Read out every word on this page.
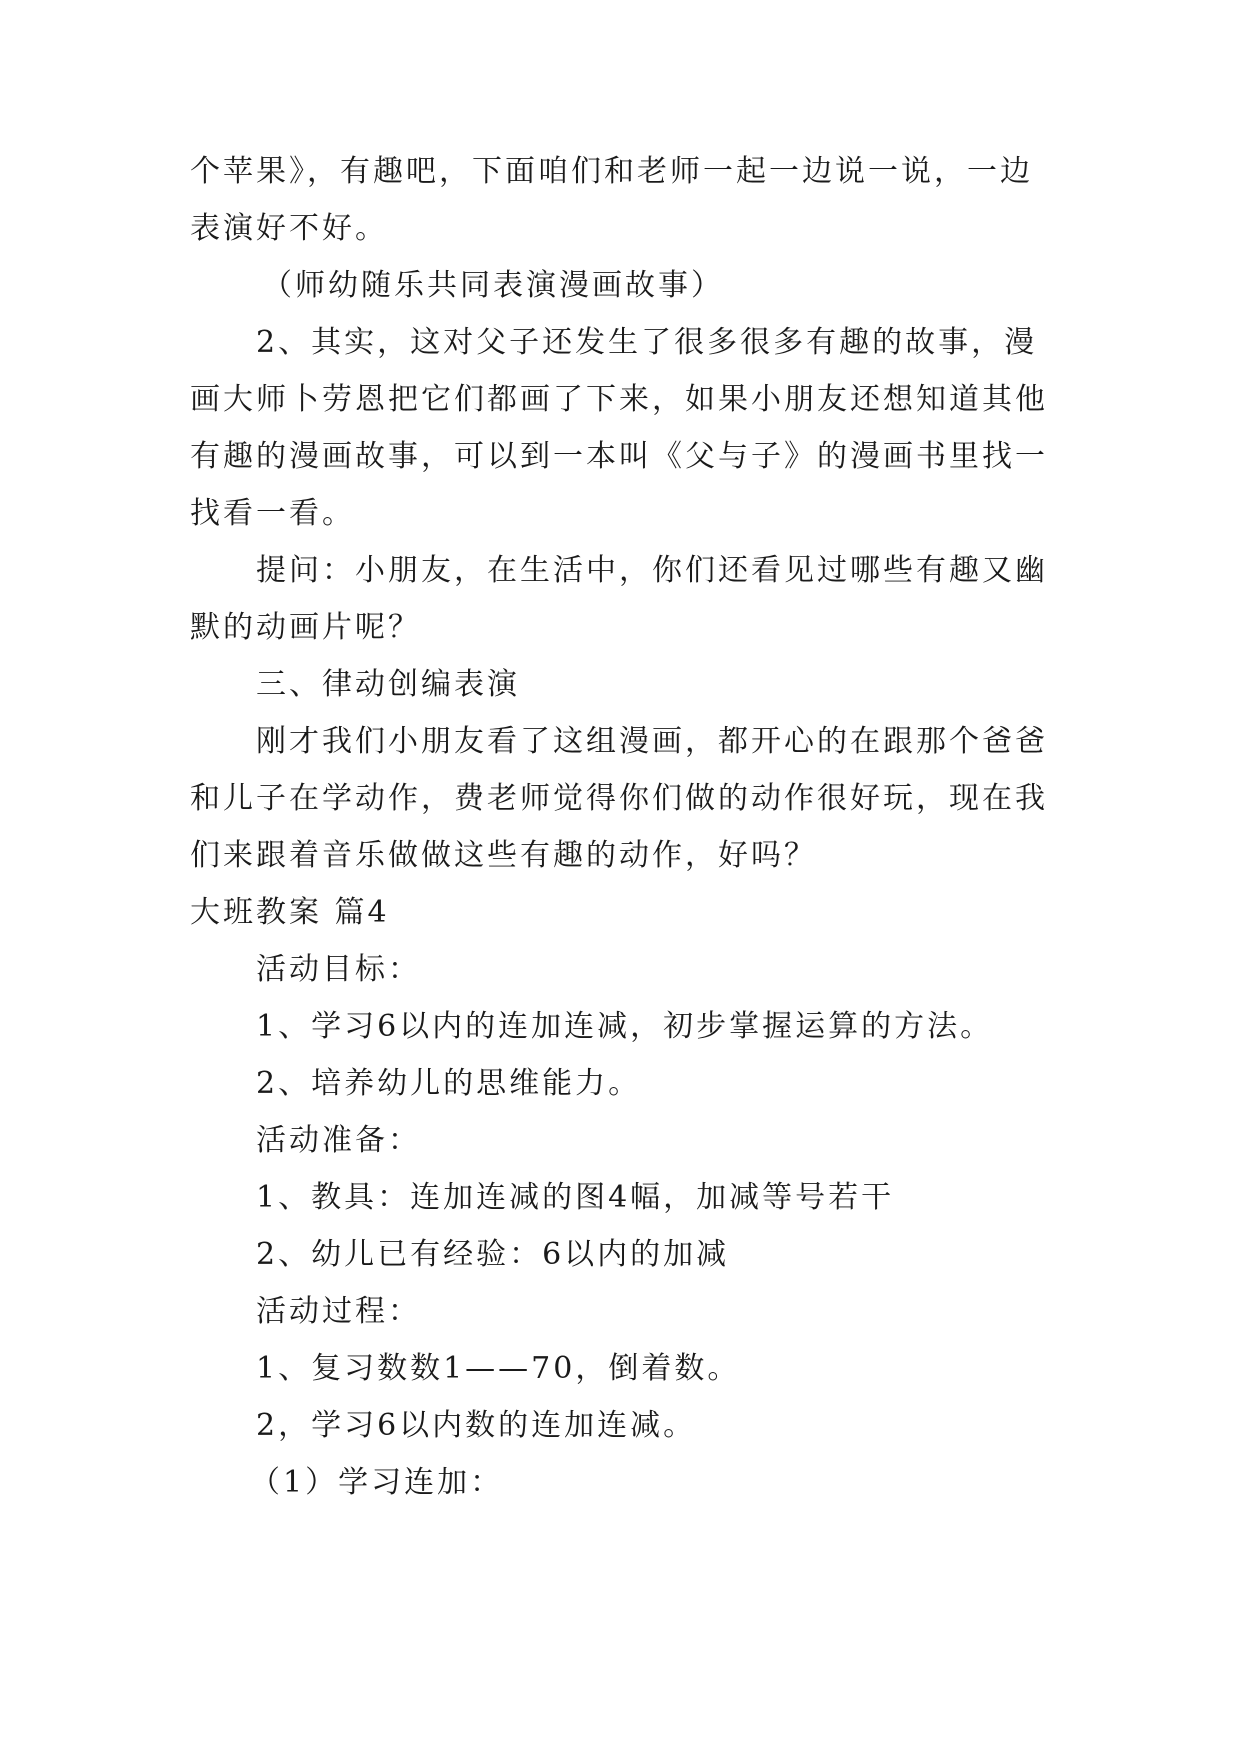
个苹果》，有趣吧，下面咱们和老师一起一边说一说，一边
表演好不好。
（师幼随乐共同表演漫画故事）
2、其实，这对父子还发生了很多很多有趣的故事，漫
画大师卜劳恩把它们都画了下来，如果小朋友还想知道其他
有趣的漫画故事，可以到一本叫《父与子》的漫画书里找一
找看一看。
提问：小朋友，在生活中，你们还看见过哪些有趣又幽
默的动画片呢？
三、律动创编表演
刚才我们小朋友看了这组漫画，都开心的在跟那个爸爸
和儿子在学动作，费老师觉得你们做的动作很好玩，现在我
们来跟着音乐做做这些有趣的动作，好吗？
大班教案 篇4
活动目标：
1、学习6以内的连加连减，初步掌握运算的方法。
2、培养幼儿的思维能力。
活动准备：
1、教具：连加连减的图4幅，加减等号若干
2、幼儿已有经验：6以内的加减
活动过程：
1、复习数数1——70，倒着数。
2，学习6以内数的连加连减。
（1）学习连加：
